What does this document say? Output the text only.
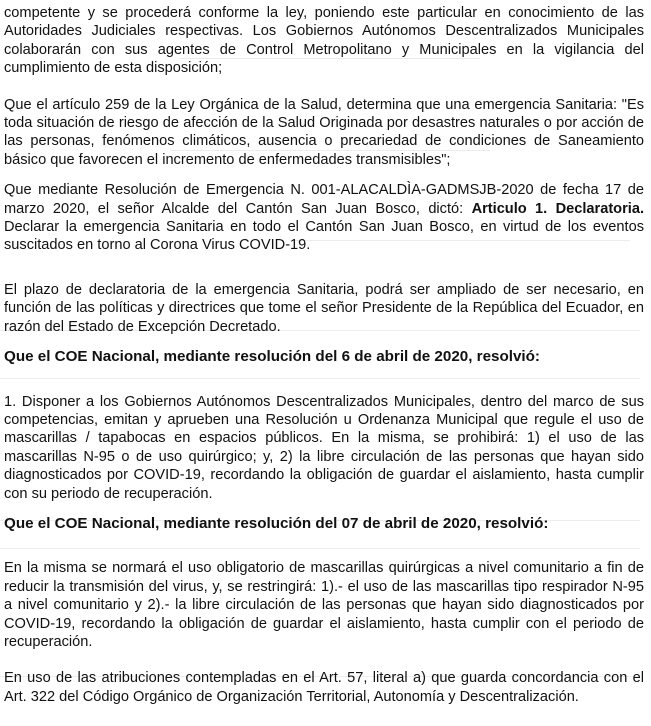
competente y se procederá conforme la ley, poniendo este particular en conocimiento de las Autoridades Judiciales respectivas. Los Gobiernos Autónomos Descentralizados Municipales colaborarán con sus agentes de Control Metropolitano y Municipales en la vigilancia del cumplimiento de esta disposición;

Que el artículo 259 de la Ley Orgánica de la Salud, determina que una emergencia Sanitaria: "Es toda situación de riesgo de afección de la Salud Originada por desastres naturales o por acción de las personas, fenómenos climáticos, ausencia o precariedad de condiciones de Saneamiento básico que favorecen el incremento de enfermedades transmisibles";

Que mediante Resolución de Emergencia N. 001-ALACALDÌA-GADMSJB-2020 de fecha 17 de marzo 2020, el señor Alcalde del Cantón San Juan Bosco, dictó: Articulo 1. Declaratoria. Declarar la emergencia Sanitaria en todo el Cantón San Juan Bosco, en virtud de los eventos suscitados en torno al Corona Virus COVID-19.

El plazo de declaratoria de la emergencia Sanitaria, podrá ser ampliado de ser necesario, en función de las políticas y directrices que tome el señor Presidente de la República del Ecuador, en razón del Estado de Excepción Decretado.

Que el COE Nacional, mediante resolución del 6 de abril de 2020, resolvió:

1. Disponer a los Gobiernos Autónomos Descentralizados Municipales, dentro del marco de sus competencias, emitan y aprueben una Resolución u Ordenanza Municipal que regule el uso de mascarillas / tapabocas en espacios públicos. En la misma, se prohibirá: 1) el uso de las mascarillas N-95 o de uso quirúrgico; y, 2) la libre circulación de las personas que hayan sido diagnosticados por COVID-19, recordando la obligación de guardar el aislamiento, hasta cumplir con su periodo de recuperación.

Que el COE Nacional, mediante resolución del 07 de abril de 2020, resolvió:

En la misma se normará el uso obligatorio de mascarillas quirúrgicas a nivel comunitario a fin de reducir la transmisión del virus, y, se restringirá: 1).- el uso de las mascarillas tipo respirador N-95 a nivel comunitario y 2).- la libre circulación de las personas que hayan sido diagnosticados por COVID-19, recordando la obligación de guardar el aislamiento, hasta cumplir con el periodo de recuperación.

En uso de las atribuciones contempladas en el Art. 57, literal a) que guarda concordancia con el Art. 322 del Código Orgánico de Organización Territorial, Autonomía y Descentralización.
